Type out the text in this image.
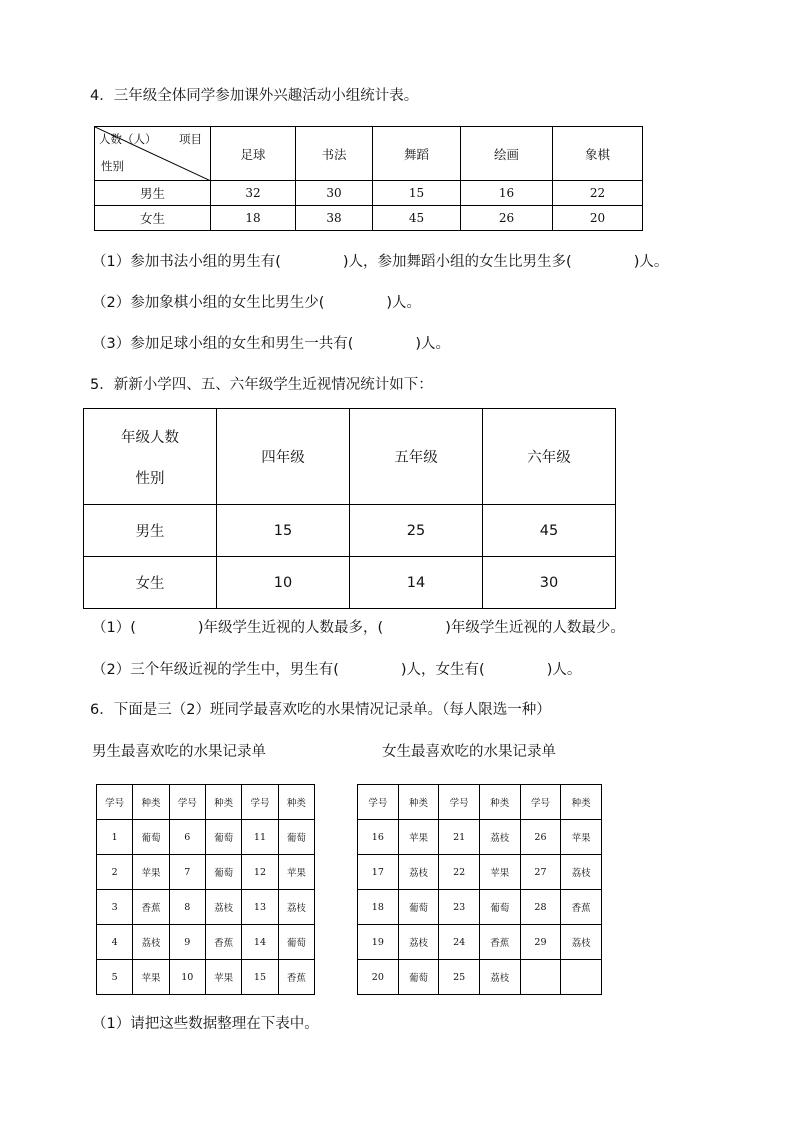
4．三年级全体同学参加课外兴趣活动小组统计表。
人数（人） 项目
性别	足球	书法	舞蹈	绘画	象棋
男生	32	30	15	16	22
女生	18	38	45	26	20
（1）参加书法小组的男生有(	)人，参加舞蹈小组的女生比男生多(	)人。
（2）参加象棋小组的女生比男生少(	)人。
（3）参加足球小组的女生和男生一共有(	)人。
5．新新小学四、五、六年级学生近视情况统计如下：
年级人数
性别	四年级	五年级	六年级
男生	15	25	45
女生	10	14	30
（1）(	)年级学生近视的人数最多，(	)年级学生近视的人数最少。
（2）三个年级近视的学生中，男生有(	)人，女生有(	)人。
6．下面是三（2）班同学最喜欢吃的水果情况记录单。（每人限选一种）
男生最喜欢吃的水果记录单	女生最喜欢吃的水果记录单
学号	种类	学号	种类	学号	种类
1	葡萄	6	葡萄	11	葡萄
2	苹果	7	葡萄	12	苹果
3	香蕉	8	荔枝	13	荔枝
4	荔枝	9	香蕉	14	葡萄
5	苹果	10	苹果	15	香蕉
学号	种类	学号	种类	学号	种类
16	苹果	21	荔枝	26	苹果
17	荔枝	22	苹果	27	荔枝
18	葡萄	23	葡萄	28	香蕉
19	荔枝	24	香蕉	29	荔枝
20	葡萄	25	荔枝		
（1）请把这些数据整理在下表中。
